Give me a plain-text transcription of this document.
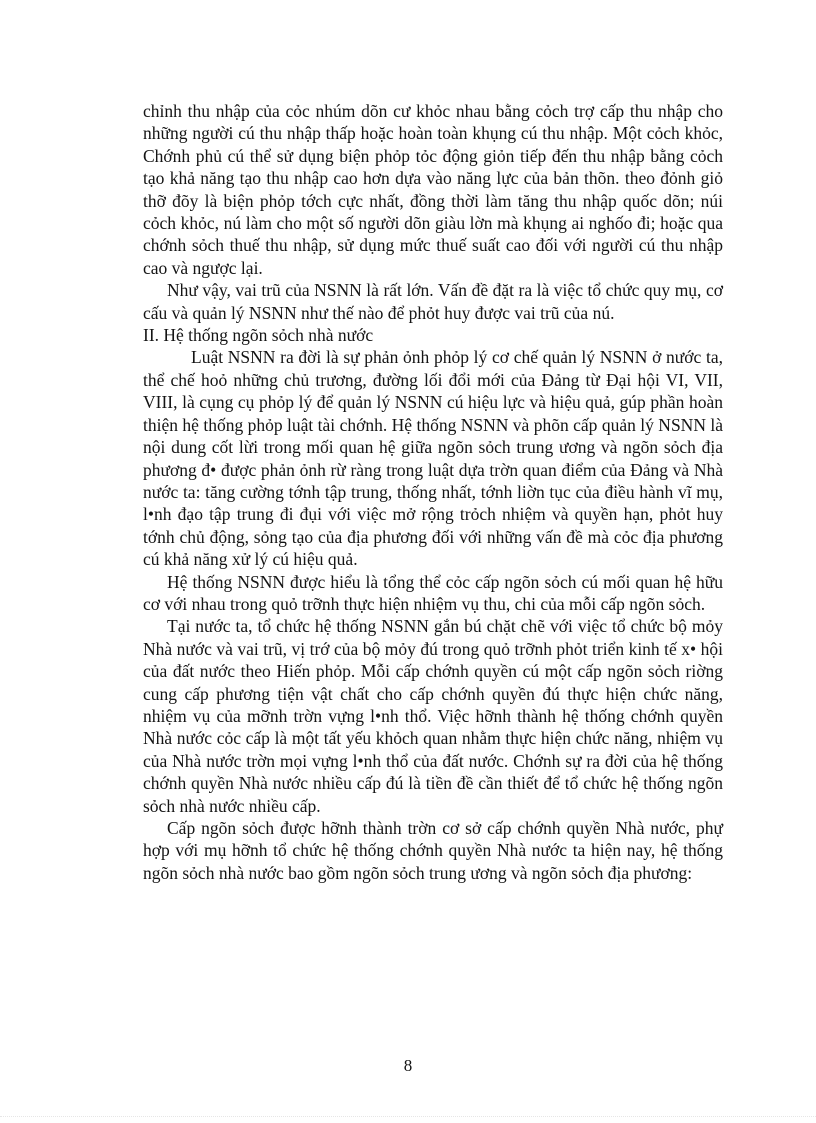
chỉnh thu nhập của cỏc nhúm dõn cư khỏc nhau bằng cỏch trợ cấp thu nhập cho những người cú thu nhập thấp hoặc hoàn toàn khụng cú thu nhập. Một cỏch khỏc, Chớnh phủ cú thể sử dụng biện phỏp tỏc động giỏn tiếp đến thu nhập bằng cỏch tạo khả năng tạo thu nhập cao hơn dựa vào năng lực của bản thõn. theo đỏnh giỏ thỡ đõy là biện phỏp tớch cực nhất, đồng thời làm tăng thu nhập quốc dõn; núi cỏch khỏc, nú làm cho một số người dõn giàu lờn mà khụng ai nghốo đi; hoặc qua chớnh sỏch thuế thu nhập, sử dụng mức thuế suất cao đối với người cú thu nhập cao và ngược lại.

Như vậy, vai trũ của NSNN là rất lớn. Vấn đề đặt ra là việc tổ chức quy mụ, cơ cấu và quản lý NSNN như thế nào để phỏt huy được vai trũ của nú.

II. Hệ thống ngõn sỏch nhà nước

Luật NSNN ra đời là sự phản ỏnh phỏp lý cơ chế quản lý NSNN ở nước ta, thể chế hoỏ những chủ trương, đường lối đổi mới của Đảng từ Đại hội VI, VII, VIII, là cụng cụ phỏp lý để quản lý NSNN cú hiệu lực và hiệu quả, gúp phần hoàn thiện hệ thống phỏp luật tài chớnh. Hệ thống NSNN và phõn cấp quản lý NSNN là nội dung cốt lừi trong mối quan hệ giữa ngõn sỏch trung ương và ngõn sỏch địa phương đ• được phản ỏnh rừ ràng trong luật dựa trờn quan điểm của Đảng và Nhà nước ta: tăng cường tớnh tập trung, thống nhất, tớnh liờn tục của điều hành vĩ mụ, l•nh đạo tập trung đi đụi với việc mở rộng trỏch nhiệm và quyền hạn, phỏt huy tớnh chủ động, sỏng tạo của địa phương đối với những vấn đề mà cỏc địa phương cú khả năng xử lý cú hiệu quả.

Hệ thống NSNN được hiểu là tổng thể cỏc cấp ngõn sỏch cú mối quan hệ hữu cơ với nhau trong quỏ trỡnh thực hiện nhiệm vụ thu, chi của mỗi cấp ngõn sỏch.

Tại nước ta, tổ chức hệ thống NSNN gắn bú chặt chẽ với việc tổ chức bộ mỏy Nhà nước và vai trũ, vị trớ của bộ mỏy đú trong quỏ trỡnh phỏt triển kinh tế x• hội của đất nước theo Hiến phỏp. Mỗi cấp chớnh quyền cú một cấp ngõn sỏch riờng cung cấp phương tiện vật chất cho cấp chớnh quyền đú thực hiện chức năng, nhiệm vụ của mỡnh trờn vựng l•nh thổ. Việc hỡnh thành hệ thống chớnh quyền Nhà nước cỏc cấp là một tất yếu khỏch quan nhằm thực hiện chức năng, nhiệm vụ của Nhà nước trờn mọi vựng l•nh thổ của đất nước. Chớnh sự ra đời của hệ thống chớnh quyền Nhà nước nhiều cấp đú là tiền đề cần thiết để tổ chức hệ thống ngõn sỏch nhà nước nhiều cấp.

Cấp ngõn sỏch được hỡnh thành trờn cơ sở cấp chớnh quyền Nhà nước, phự hợp với mụ hỡnh tổ chức hệ thống chớnh quyền Nhà nước ta hiện nay, hệ thống ngõn sỏch nhà nước bao gồm ngõn sỏch trung ương và ngõn sỏch địa phương:

8
